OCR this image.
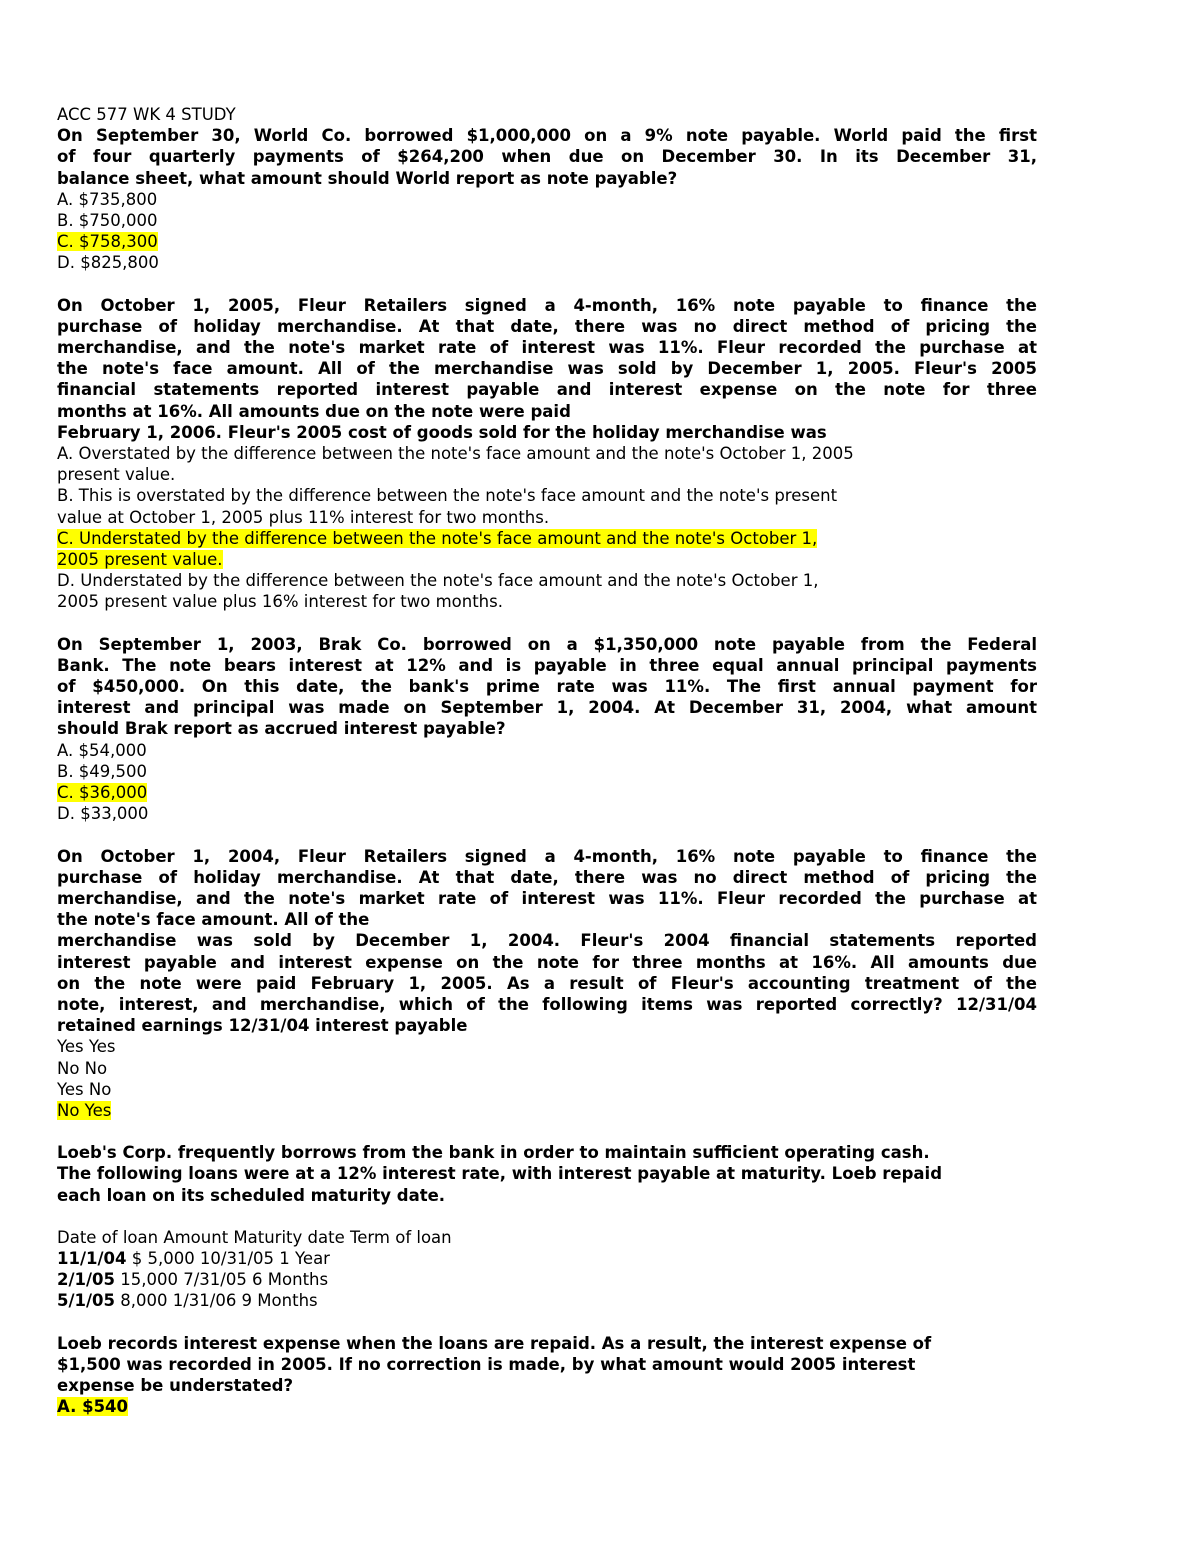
ACC 577 WK 4 STUDY
On September 30, World Co. borrowed $1,000,000 on a 9% note payable. World paid the first
of four quarterly payments of $264,200 when due on December 30. In its December 31,
balance sheet, what amount should World report as note payable?
A. $735,800
B. $750,000
C. $758,300
D. $825,800
On October 1, 2005, Fleur Retailers signed a 4-month, 16% note payable to finance the
purchase of holiday merchandise. At that date, there was no direct method of pricing the
merchandise, and the note's market rate of interest was 11%. Fleur recorded the purchase at
the note's face amount. All of the merchandise was sold by December 1, 2005. Fleur's 2005
financial statements reported interest payable and interest expense on the note for three
months at 16%. All amounts due on the note were paid
February 1, 2006. Fleur's 2005 cost of goods sold for the holiday merchandise was
A. Overstated by the difference between the note's face amount and the note's October 1, 2005
present value.
B. This is overstated by the difference between the note's face amount and the note's present
value at October 1, 2005 plus 11% interest for two months.
C. Understated by the difference between the note's face amount and the note's October 1,
2005 present value.
D. Understated by the difference between the note's face amount and the note's October 1,
2005 present value plus 16% interest for two months.
On September 1, 2003, Brak Co. borrowed on a $1,350,000 note payable from the Federal
Bank. The note bears interest at 12% and is payable in three equal annual principal payments
of $450,000. On this date, the bank's prime rate was 11%. The first annual payment for
interest and principal was made on September 1, 2004. At December 31, 2004, what amount
should Brak report as accrued interest payable?
A. $54,000
B. $49,500
C. $36,000
D. $33,000
On October 1, 2004, Fleur Retailers signed a 4-month, 16% note payable to finance the
purchase of holiday merchandise. At that date, there was no direct method of pricing the
merchandise, and the note's market rate of interest was 11%. Fleur recorded the purchase at
the note's face amount. All of the
merchandise was sold by December 1, 2004. Fleur's 2004 financial statements reported
interest payable and interest expense on the note for three months at 16%. All amounts due
on the note were paid February 1, 2005. As a result of Fleur's accounting treatment of the
note, interest, and merchandise, which of the following items was reported correctly? 12/31/04
retained earnings 12/31/04 interest payable
Yes Yes
No No
Yes No
No Yes
Loeb's Corp. frequently borrows from the bank in order to maintain sufficient operating cash.
The following loans were at a 12% interest rate, with interest payable at maturity. Loeb repaid
each loan on its scheduled maturity date.
Date of loan Amount Maturity date Term of loan
11/1/04 $ 5,000 10/31/05 1 Year
2/1/05 15,000 7/31/05 6 Months
5/1/05 8,000 1/31/06 9 Months
Loeb records interest expense when the loans are repaid. As a result, the interest expense of
$1,500 was recorded in 2005. If no correction is made, by what amount would 2005 interest
expense be understated?
A. $540
